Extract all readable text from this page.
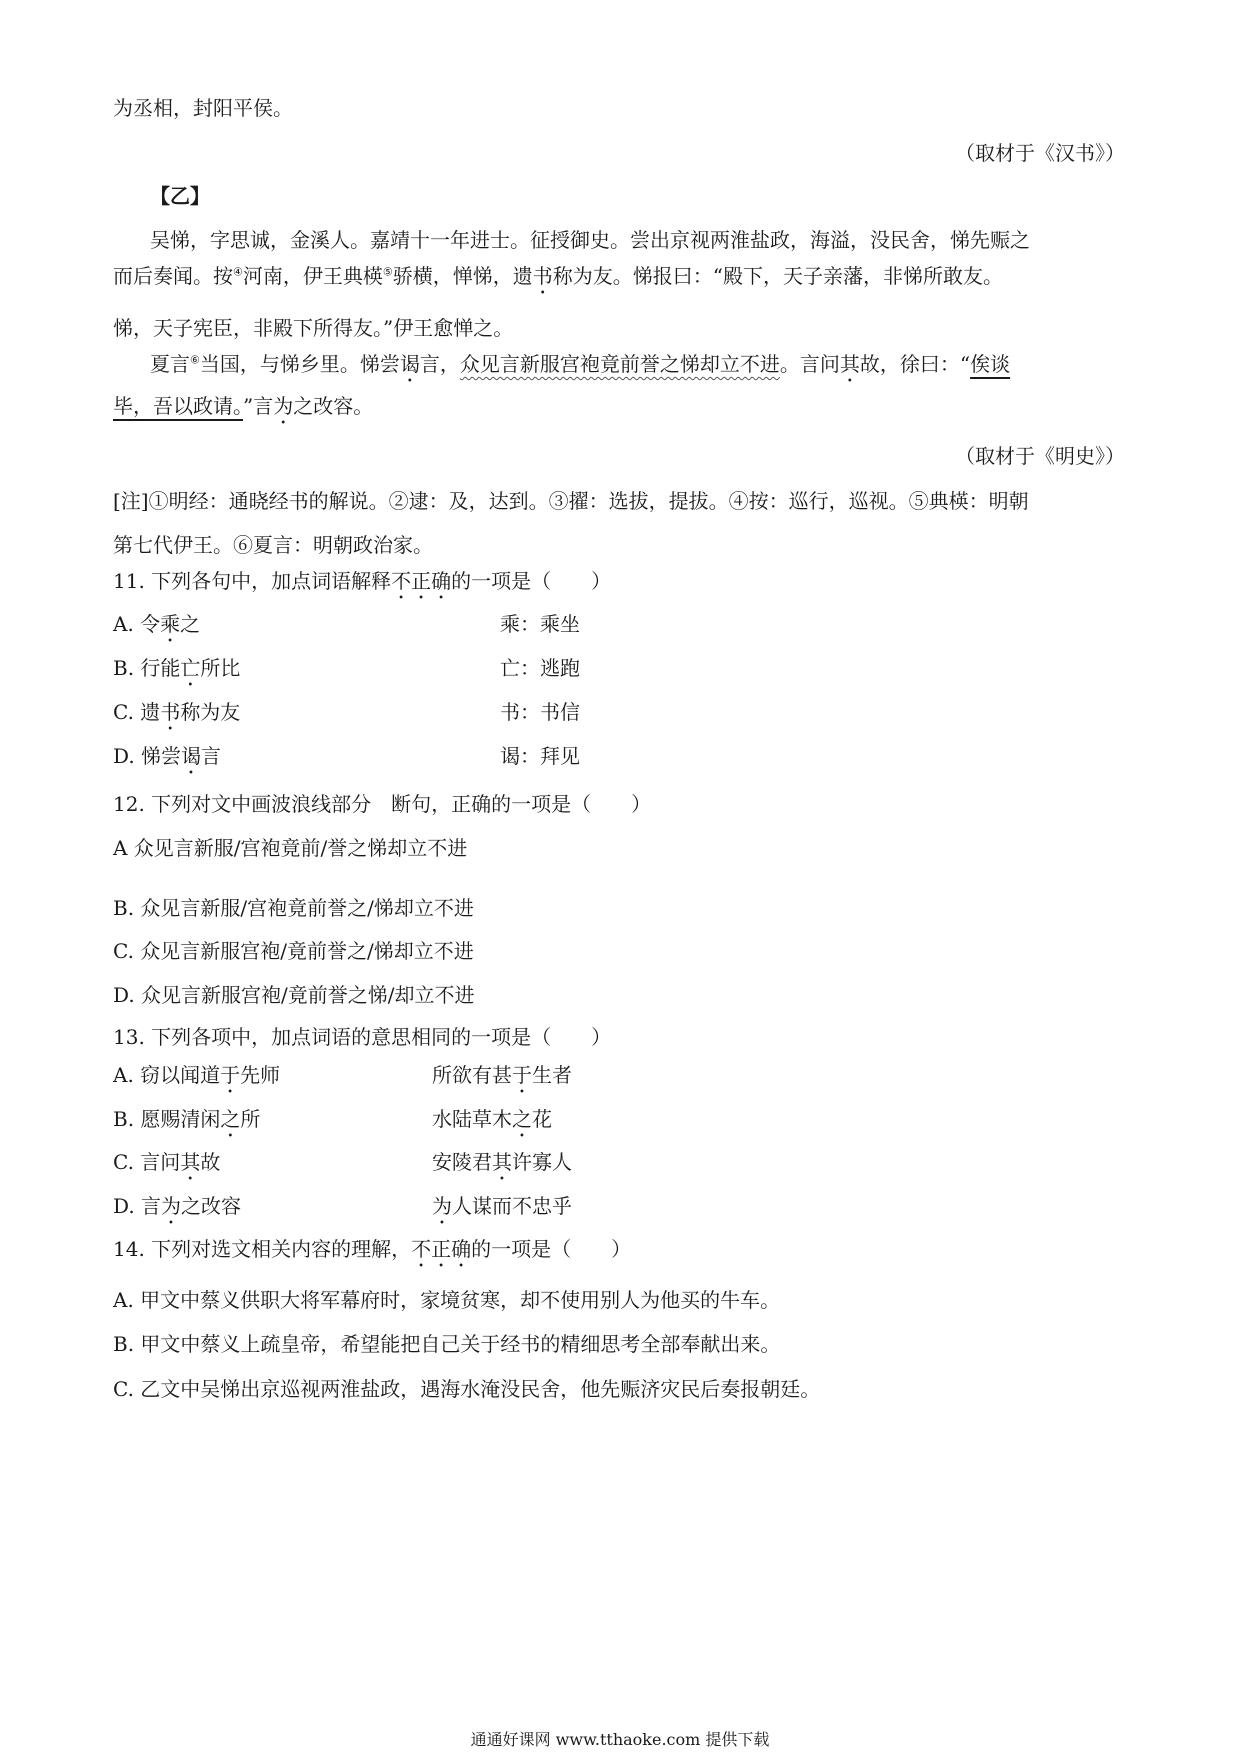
为丞相，封阳平侯。
（取材于《汉书》）
【乙】
吴悌，字思诚，金溪人。嘉靖十一年进士。征授御史。尝出京视两淮盐政，海溢，没民舍，悌先赈之
而后奏闻。按④河南，伊王典楧⑤骄横，惮悌，遗书称为友。悌报曰：“殿下，天子亲藩，非悌所敢友。
悌，天子宪臣，非殿下所得友。”伊王愈惮之。
夏言⑥当国，与悌乡里。悌尝谒言，众见言新服宫袍竟前誉之悌却立不进。言问其故，徐曰：“俟谈
毕，吾以政请。”言为之改容。
（取材于《明史》）
[注]①明经：通晓经书的解说。②逮：及，达到。③擢：选拔，提拔。④按：巡行，巡视。⑤典楧：明朝
第七代伊王。⑥夏言：明朝政治家。
11. 下列各句中，加点词语解释不正确的一项是（　　）
A. 令乘之	乘：乘坐
B. 行能亡所比	亡：逃跑
C. 遗书称为友	书：书信
D. 悌尝谒言	谒：拜见
12. 下列对文中画波浪线部分　断句，正确的一项是（　　）
A 众见言新服/宫袍竟前/誉之悌却立不进
B. 众见言新服/宫袍竟前誉之/悌却立不进
C. 众见言新服宫袍/竟前誉之/悌却立不进
D. 众见言新服宫袍/竟前誉之悌/却立不进
13. 下列各项中，加点词语的意思相同的一项是（　　）
A. 窃以闻道于先师	所欲有甚于生者
B. 愿赐清闲之所	水陆草木之花
C. 言问其故	安陵君其许寡人
D. 言为之改容	为人谋而不忠乎
14. 下列对选文相关内容的理解，不正确的一项是（　　）
A. 甲文中蔡义供职大将军幕府时，家境贫寒，却不使用别人为他买的牛车。
B. 甲文中蔡义上疏皇帝，希望能把自己关于经书的精细思考全部奉献出来。
C. 乙文中吴悌出京巡视两淮盐政，遇海水淹没民舍，他先赈济灾民后奏报朝廷。
通通好课网 www.tthaoke.com 提供下载
